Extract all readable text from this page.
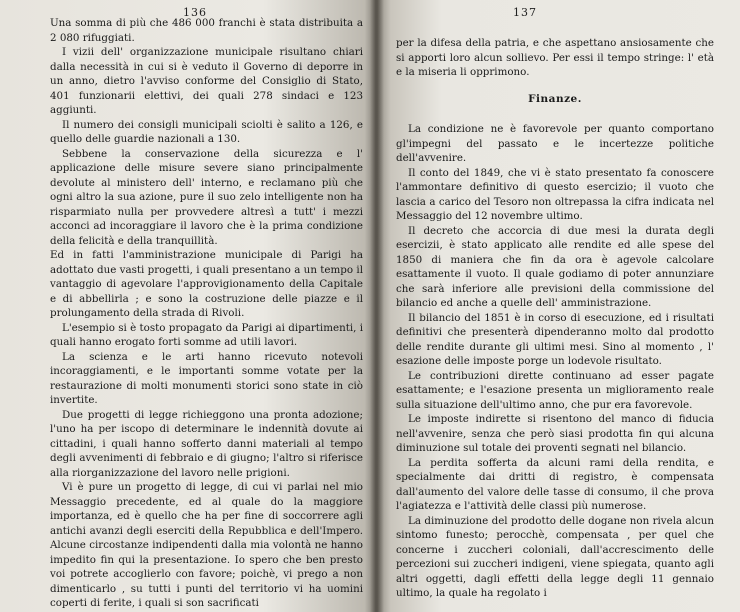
136

Una somma di più che 486 000 franchi è stata distribuita a 2 080 rifuggiati.

I vizii dell' organizzazione municipale risultano chiari dalla necessità in cui si è veduto il Governo di deporre in un anno, dietro l'avviso conforme del Consiglio di Stato, 401 funzionarii elettivi, dei quali 278 sindaci e 123 aggiunti.

Il numero dei consigli municipali sciolti è salito a 126, e quello delle guardie nazionali a 130.

Sebbene la conservazione della sicurezza e l' applicazione delle misure severe siano principalmente devolute al ministero dell' interno, e reclamano più che ogni altro la sua azione, pure il suo zelo intelligente non ha risparmiato nulla per provvedere altresì a tutt' i mezzi acconci ad incoraggiare il lavoro che è la prima condizione della felicità e della tranquillità.

Ed in fatti l'amministrazione municipale di Parigi ha adottato due vasti progetti, i quali presentano a un tempo il vantaggio di agevolare l'approvigionamento della Capitale e di abbellirla ; e sono la costruzione delle piazze e il prolungamento della strada di Rivoli.

L'esempio si è tosto propagato da Parigi ai dipartimenti, i quali hanno erogato forti somme ad utili lavori.

La scienza e le arti hanno ricevuto notevoli incoraggiamenti, e le importanti somme votate per la restaurazione di molti monumenti storici sono state in ciò invertite.

Due progetti di legge richieggono una pronta adozione; l'uno ha per iscopo di determinare le indennità dovute ai cittadini, i quali hanno sofferto danni materiali al tempo degli avvenimenti di febbraio e di giugno; l'altro si riferisce alla riorganizzazione del lavoro nelle prigioni.

Vi è pure un progetto di legge, di cui vi parlai nel mio Messaggio precedente, ed al quale do la maggiore importanza, ed è quello che ha per fine di soccorrere agli antichi avanzi degli eserciti della Repubblica e dell'Impero. Alcune circostanze indipendenti dalla mia volontà ne hanno impedito fin qui la presentazione. Io spero che ben presto voi potrete accoglierlo con favore; poichè, vi prego a non dimenticarlo , su tutti i punti del territorio vi ha uomini coperti di ferite, i quali si son sacrificati

137

per la difesa della patria, e che aspettano ansiosamente che si apporti loro alcun sollievo. Per essi il tempo stringe: l' età e la miseria li opprimono.

Finanze.

La condizione ne è favorevole per quanto comportano gl'impegni del passato e le incertezze politiche dell'avvenire.

Il conto del 1849, che vi è stato presentato fa conoscere l'ammontare definitivo di questo esercizio; il vuoto che lascia a carico del Tesoro non oltrepassa la cifra indicata nel Messaggio del 12 novembre ultimo.

Il decreto che accorcia di due mesi la durata degli esercizii, è stato applicato alle rendite ed alle spese del 1850 di maniera che fin da ora è agevole calcolare esattamente il vuoto. Il quale godiamo di poter annunziare che sarà inferiore alle previsioni della commissione del bilancio ed anche a quelle dell' amministrazione.

Il bilancio del 1851 è in corso di esecuzione, ed i risultati definitivi che presenterà dipenderanno molto dal prodotto delle rendite durante gli ultimi mesi. Sino al momento , l' esazione delle imposte porge un lodevole risultato.

Le contribuzioni dirette continuano ad esser pagate esattamente; e l'esazione presenta un miglioramento reale sulla situazione dell'ultimo anno, che pur era favorevole.

Le imposte indirette si risentono del manco di fiducia nell'avvenire, senza che però siasi prodotta fin qui alcuna diminuzione sul totale dei proventi segnati nel bilancio.

La perdita sofferta da alcuni rami della rendita, e specialmente dai dritti di registro, è compensata dall'aumento del valore delle tasse di consumo, il che prova l'agiatezza e l'attività delle classi più numerose.

La diminuzione del prodotto delle dogane non rivela alcun sintomo funesto; perocchè, compensata , per quel che concerne i zuccheri coloniali, dall'accrescimento delle percezioni sui zuccheri indigeni, viene spiegata, quanto agli altri oggetti, dagli effetti della legge degli 11 gennaio ultimo, la quale ha regolato i
